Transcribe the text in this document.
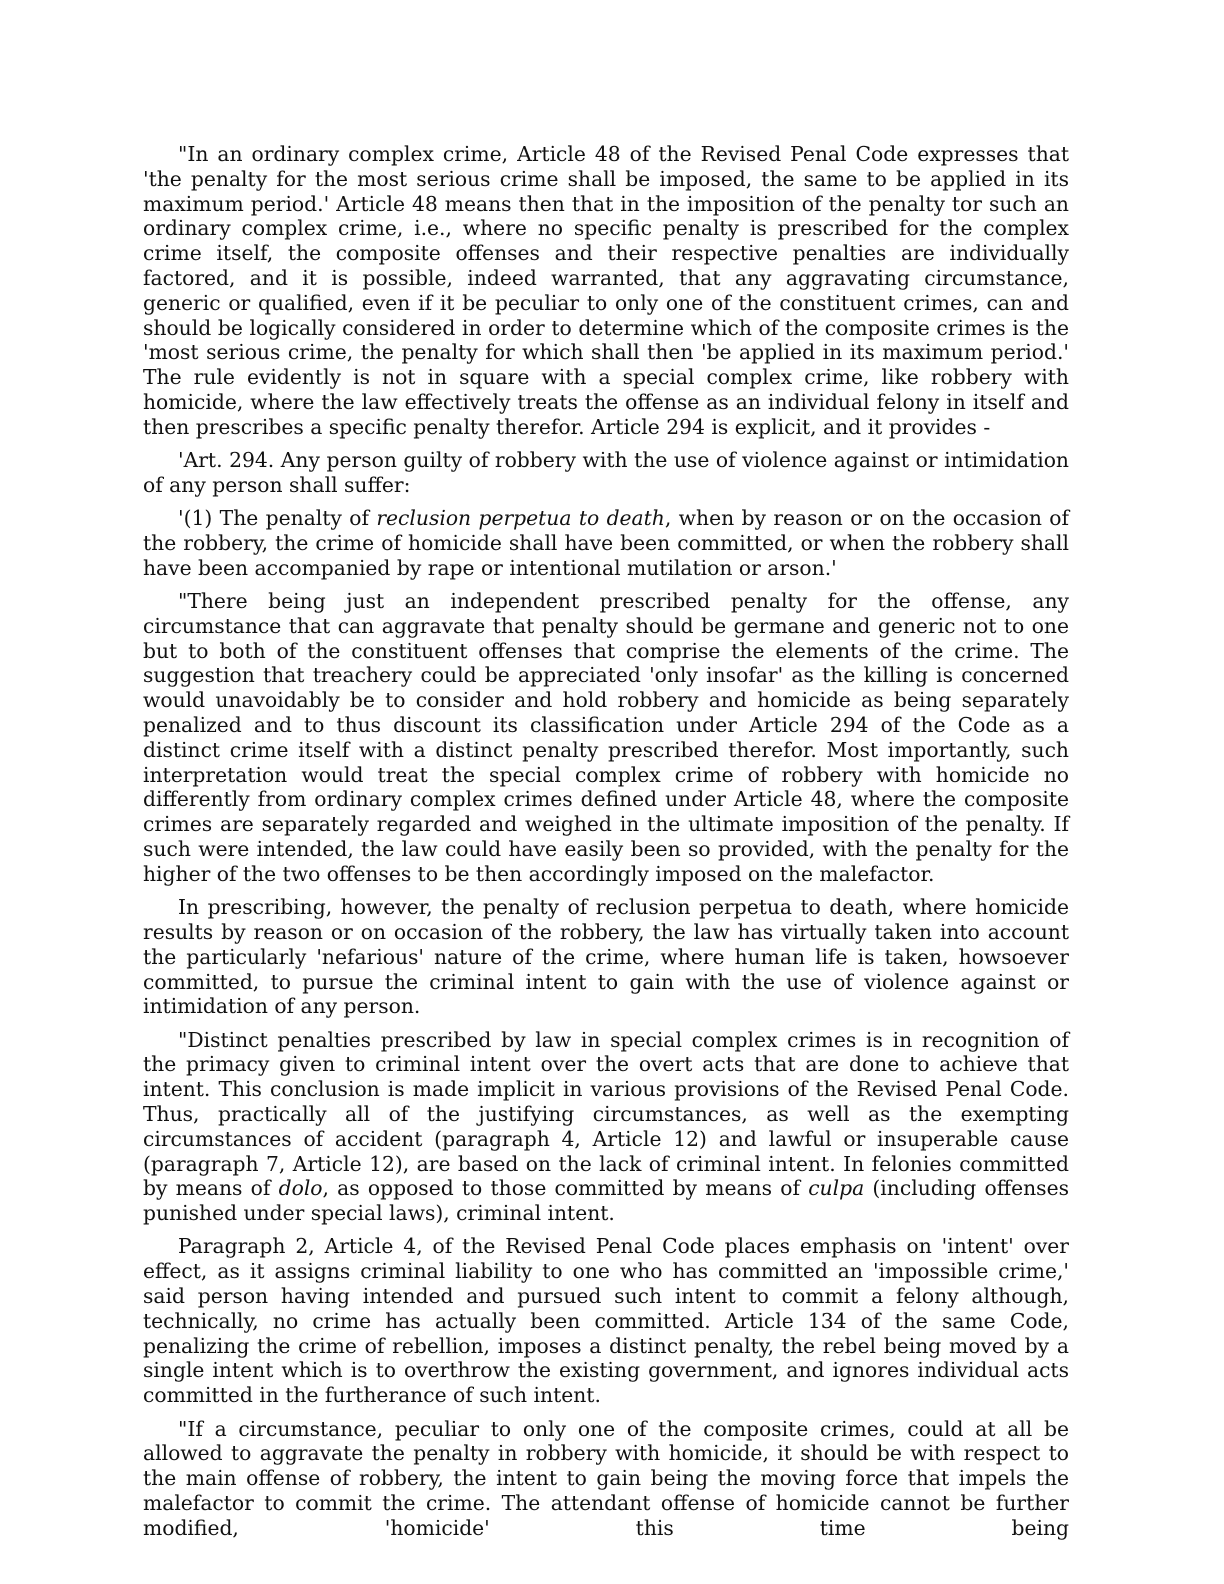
"In an ordinary complex crime, Article 48 of the Revised Penal Code expresses that 'the penalty for the most serious crime shall be imposed, the same to be applied in its maximum period.' Article 48 means then that in the imposition of the penalty tor such an ordinary complex crime, i.e., where no specific penalty is prescribed for the complex crime itself, the composite offenses and their respective penalties are individually factored, and it is possible, indeed warranted, that any aggravating circumstance, generic or qualified, even if it be peculiar to only one of the constituent crimes, can and should be logically considered in order to determine which of the composite crimes is the 'most serious crime, the penalty for which shall then 'be applied in its maximum period.' The rule evidently is not in square with a special complex crime, like robbery with homicide, where the law effectively treats the offense as an individual felony in itself and then prescribes a specific penalty therefor. Article 294 is explicit, and it provides -

'Art. 294. Any person guilty of robbery with the use of violence against or intimidation of any person shall suffer:

'(1) The penalty of reclusion perpetua to death, when by reason or on the occasion of the robbery, the crime of homicide shall have been committed, or when the robbery shall have been accompanied by rape or intentional mutilation or arson.'

"There being just an independent prescribed penalty for the offense, any circumstance that can aggravate that penalty should be germane and generic not to one but to both of the constituent offenses that comprise the elements of the crime. The suggestion that treachery could be appreciated 'only insofar' as the killing is concerned would unavoidably be to consider and hold robbery and homicide as being separately penalized and to thus discount its classification under Article 294 of the Code as a distinct crime itself with a distinct penalty prescribed therefor. Most importantly, such interpretation would treat the special complex crime of robbery with homicide no differently from ordinary complex crimes defined under Article 48, where the composite crimes are separately regarded and weighed in the ultimate imposition of the penalty. If such were intended, the law could have easily been so provided, with the penalty for the higher of the two offenses to be then accordingly imposed on the malefactor.

In prescribing, however, the penalty of reclusion perpetua to death, where homicide results by reason or on occasion of the robbery, the law has virtually taken into account the particularly 'nefarious' nature of the crime, where human life is taken, howsoever committed, to pursue the criminal intent to gain with the use of violence against or intimidation of any person.

"Distinct penalties prescribed by law in special complex crimes is in recognition of the primacy given to criminal intent over the overt acts that are done to achieve that intent. This conclusion is made implicit in various provisions of the Revised Penal Code. Thus, practically all of the justifying circumstances, as well as the exempting circumstances of accident (paragraph 4, Article 12) and lawful or insuperable cause (paragraph 7, Article 12), are based on the lack of criminal intent. In felonies committed by means of dolo, as opposed to those committed by means of culpa (including offenses punished under special laws), criminal intent.

Paragraph 2, Article 4, of the Revised Penal Code places emphasis on 'intent' over effect, as it assigns criminal liability to one who has committed an 'impossible crime,' said person having intended and pursued such intent to commit a felony although, technically, no crime has actually been committed. Article 134 of the same Code, penalizing the crime of rebellion, imposes a distinct penalty, the rebel being moved by a single intent which is to overthrow the existing government, and ignores individual acts committed in the furtherance of such intent.

"If a circumstance, peculiar to only one of the composite crimes, could at all be allowed to aggravate the penalty in robbery with homicide, it should be with respect to the main offense of robbery, the intent to gain being the moving force that impels the malefactor to commit the crime. The attendant offense of homicide cannot be further modified, 'homicide' this time being
